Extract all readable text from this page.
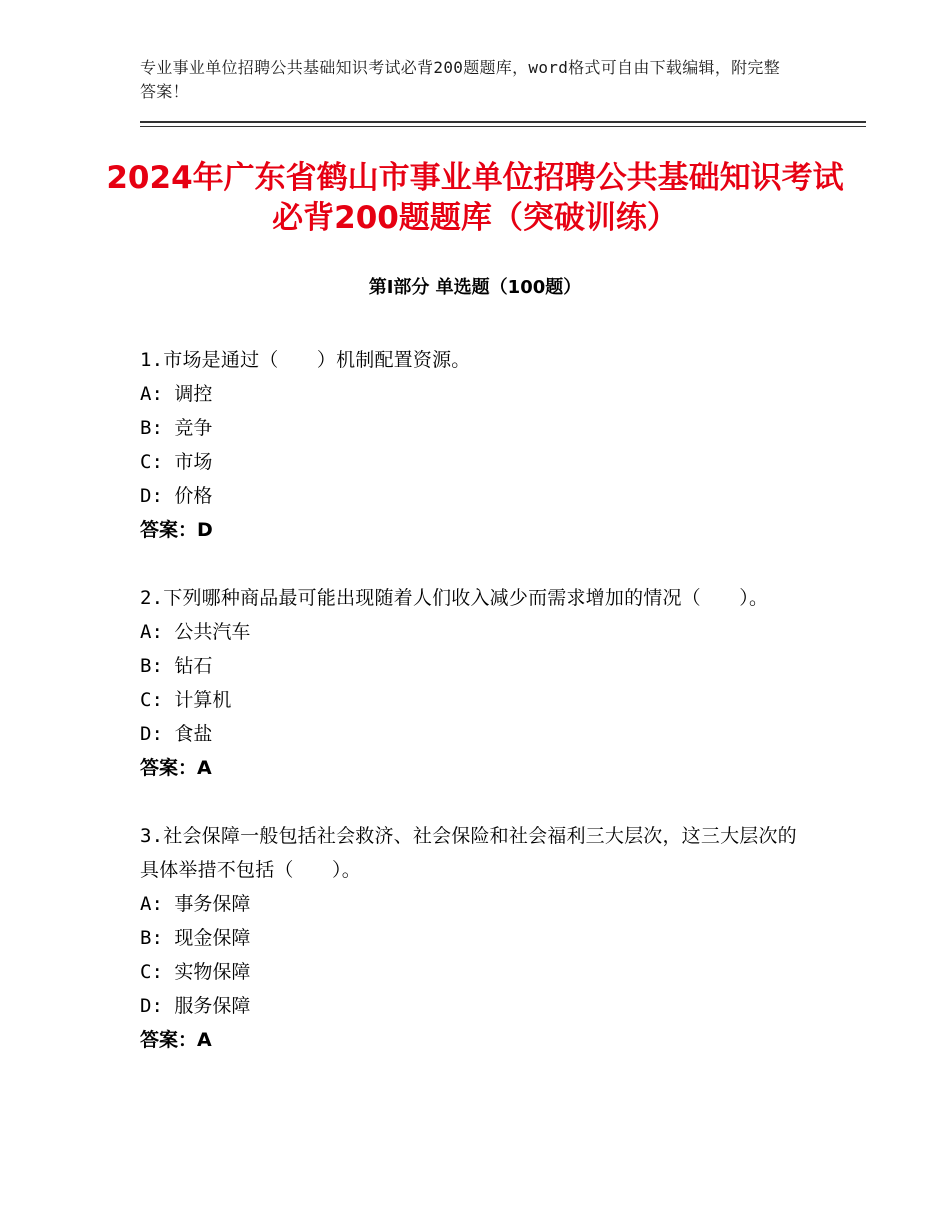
专业事业单位招聘公共基础知识考试必背200题题库，word格式可自由下载编辑，附完整答案！
2024年广东省鹤山市事业单位招聘公共基础知识考试必背200题题库（突破训练）
第Ⅰ部分 单选题（100题）

1.市场是通过（　　）机制配置资源。

A: 调控

B: 竞争

C: 市场

D: 价格

答案：D

2.下列哪种商品最可能出现随着人们收入减少而需求增加的情况（　　）。

A: 公共汽车

B: 钻石

C: 计算机

D: 食盐

答案：A

3.社会保障一般包括社会救济、社会保险和社会福利三大层次，这三大层次的具体举措不包括（　　）。

A: 事务保障

B: 现金保障

C: 实物保障

D: 服务保障

答案：A
